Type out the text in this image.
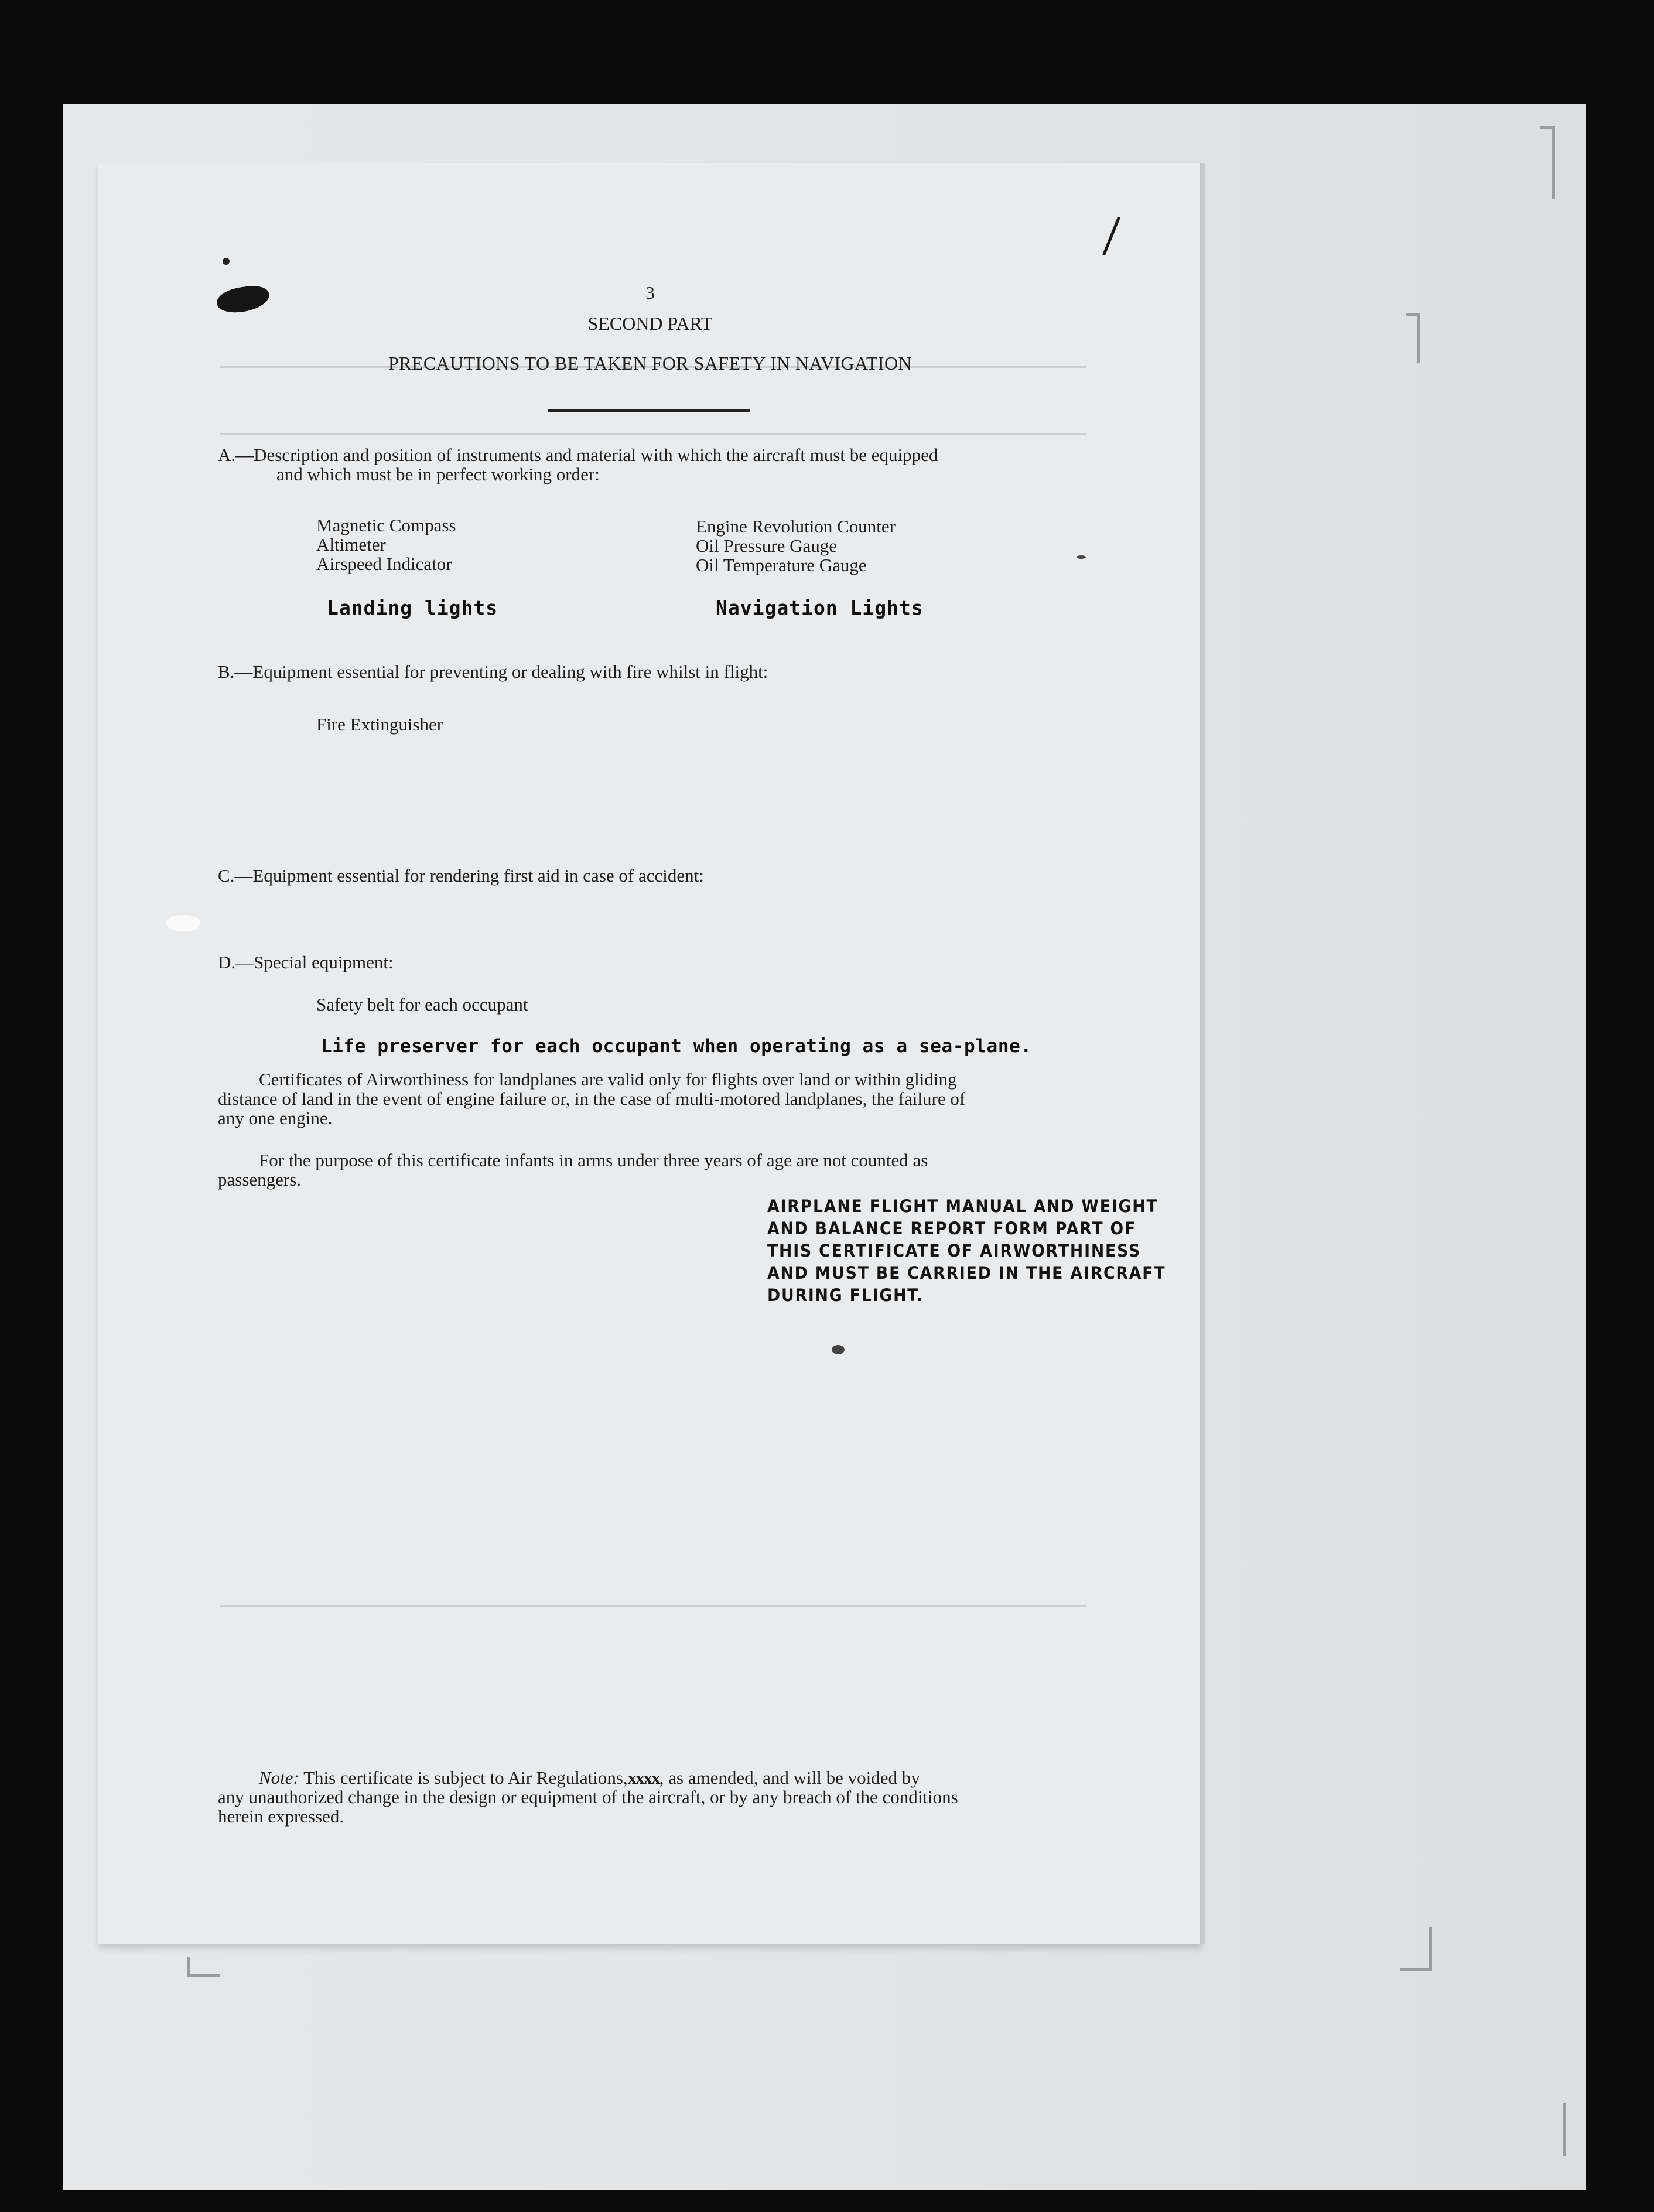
3
SECOND PART
PRECAUTIONS TO BE TAKEN FOR SAFETY IN NAVIGATION
A.—Description and position of instruments and material with which the aircraft must be equipped
and which must be in perfect working order:
Magnetic Compass
Altimeter
Airspeed Indicator
Engine Revolution Counter
Oil Pressure Gauge
Oil Temperature Gauge
Landing lights	Navigation Lights
B.—Equipment essential for preventing or dealing with fire whilst in flight:
Fire Extinguisher
C.—Equipment essential for rendering first aid in case of accident:
D.—Special equipment:
Safety belt for each occupant
Life preserver for each occupant when operating as a sea-plane.
Certificates of Airworthiness for landplanes are valid only for flights over land or within gliding
distance of land in the event of engine failure or, in the case of multi-motored landplanes, the failure of
any one engine.
For the purpose of this certificate infants in arms under three years of age are not counted as
passengers.
AIRPLANE FLIGHT MANUAL AND WEIGHT
AND BALANCE REPORT FORM PART OF
THIS CERTIFICATE OF AIRWORTHINESS
AND MUST BE CARRIED IN THE AIRCRAFT
DURING FLIGHT.
Note: This certificate is subject to Air Regulations,xxxx, as amended, and will be voided by
any unauthorized change in the design or equipment of the aircraft, or by any breach of the conditions
herein expressed.
